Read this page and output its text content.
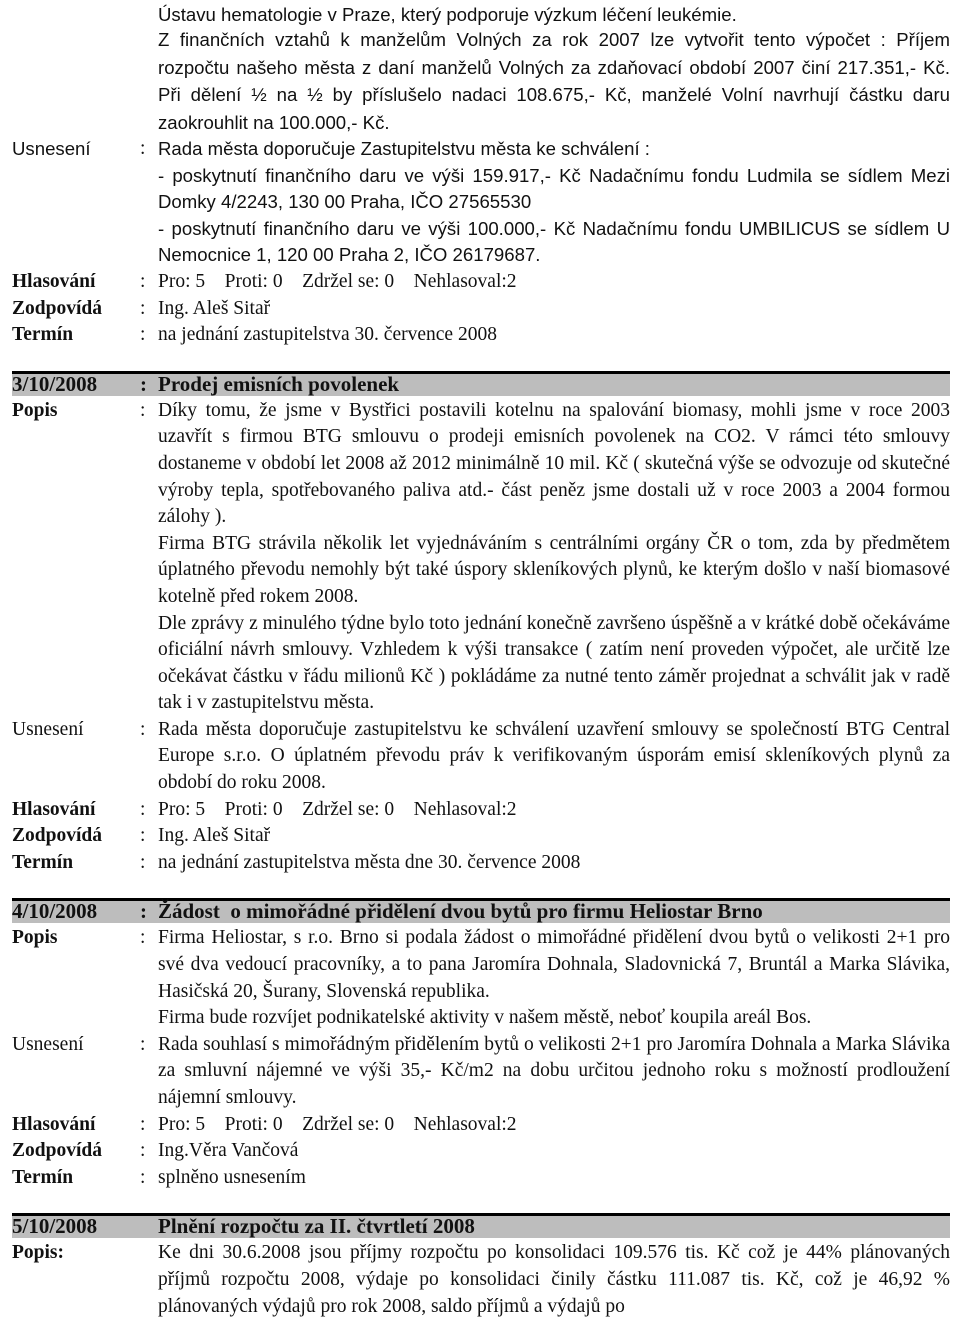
Ústavu hematologie v Praze, který podporuje výzkum léčení leukémie.
Z finančních vztahů k manželům Volných za rok 2007 lze vytvořit tento výpočet : Příjem rozpočtu našeho města z daní manželů Volných za zdaňovací období 2007 činí 217.351,- Kč. Při dělení ½ na ½ by příslušelo nadaci 108.675,- Kč, manželé Volní navrhují částku daru zaokrouhlit na 100.000,- Kč.
Usnesení	: Rada města doporučuje Zastupitelstvu města ke schválení :

- poskytnutí finančního daru ve výši 159.917,- Kč Nadačnímu fondu Ludmila se sídlem Mezi Domky 4/2243, 130 00 Praha, IČO 27565530

- poskytnutí finančního daru ve výši 100.000,- Kč Nadačnímu fondu UMBILICUS se sídlem U Nemocnice 1, 120 00 Praha 2, IČO 26179687.

Hlasování	: Pro: 5    Proti: 0    Zdržel se: 0    Nehlasoval:2
Zodpovídá	: Ing. Aleš Sitař
Termín	: na jednání zastupitelstva 30. července 2008
3/10/2008	: Prodej emisních povolenek
Popis	: Díky tomu, že jsme v Bystřici postavili kotelnu na spalování biomasy, mohli jsme v roce 2003 uzavřít s firmou BTG smlouvu o prodeji emisních povolenek na CO2. V rámci této smlouvy dostaneme v období let 2008 až 2012 minimálně 10 mil. Kč ( skutečná výše se odvozuje od skutečné výroby tepla, spotřebovaného paliva atd.- část peněz jsme dostali už v roce 2003 a 2004 formou zálohy ).

Firma BTG strávila několik let vyjednáváním s centrálními orgány ČR o tom, zda by předmětem úplatného převodu nemohly být také úspory skleníkových plynů, ke kterým došlo v naší biomasové kotelně před rokem 2008.

Dle zprávy z minulého týdne bylo toto jednání konečně završeno úspěšně a v krátké době očekáváme oficiální návrh smlouvy. Vzhledem k výši transakce ( zatím není proveden výpočet, ale určitě lze očekávat částku v řádu milionů Kč ) pokládáme za nutné tento záměr projednat a schválit jak v radě tak i v zastupitelstvu města.

Usnesení	: Rada města doporučuje zastupitelstvu ke schválení uzavření smlouvy se společností BTG Central Europe s.r.o. O úplatném převodu práv k verifikovaným úsporám emisí skleníkových plynů za období do roku 2008.
Hlasování	: Pro: 5    Proti: 0    Zdržel se: 0    Nehlasoval:2
Zodpovídá	: Ing. Aleš Sitař
Termín	: na jednání zastupitelstva města dne 30. července 2008
4/10/2008	: Žádost  o mimořádné přidělení dvou bytů pro firmu Heliostar Brno
Popis	: Firma Heliostar, s r.o. Brno si podala žádost o mimořádné přidělení dvou bytů o velikosti 2+1 pro své dva vedoucí pracovníky, a to pana Jaromíra Dohnala, Sladovnická 7, Bruntál a Marka Slávika, Hasičská 20, Šurany, Slovenská republika.

Firma bude rozvíjet podnikatelské aktivity v našem městě, neboť koupila areál Bos.

Usnesení	: Rada souhlasí s mimořádným přidělením bytů o velikosti 2+1 pro Jaromíra Dohnala a Marka Slávika za smluvní nájemné ve výši 35,- Kč/m2 na dobu určitou jednoho roku s možností prodloužení nájemní smlouvy.
Hlasování	: Pro: 5    Proti: 0    Zdržel se: 0    Nehlasoval:2
Zodpovídá	: Ing.Věra Vančová
Termín	: splněno usnesením
5/10/2008	Plnění rozpočtu za II. čtvrtletí 2008
Popis:	Ke dni 30.6.2008 jsou příjmy rozpočtu po konsolidaci 109.576 tis. Kč což je 44% plánovaných příjmů rozpočtu 2008, výdaje po konsolidaci činily částku 111.087 tis. Kč, což je 46,92 % plánovaných výdajů pro rok 2008, saldo příjmů a výdajů po
